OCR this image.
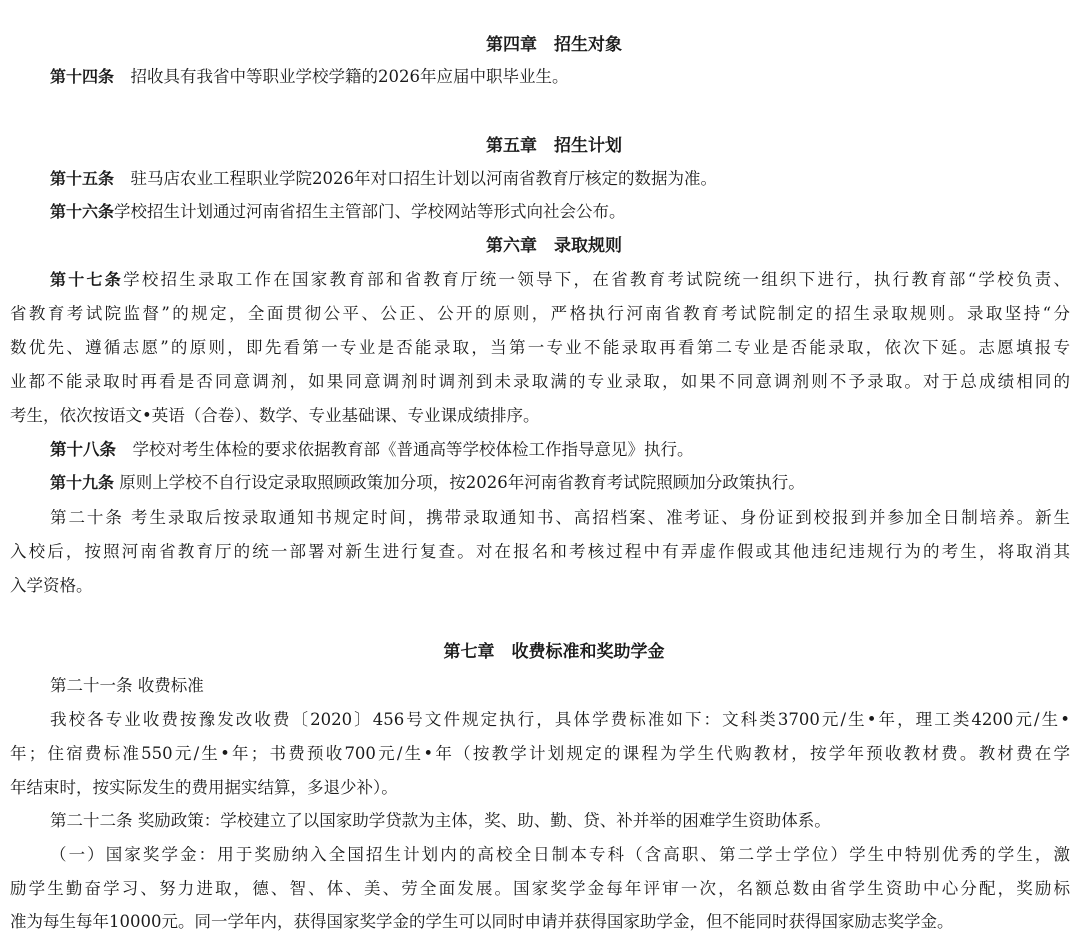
第四章　招生对象
第十四条　招收具有我省中等职业学校学籍的2026年应届中职毕业生。
第五章　招生计划
第十五条　驻马店农业工程职业学院2026年对口招生计划以河南省教育厅核定的数据为准。
第十六条学校招生计划通过河南省招生主管部门、学校网站等形式向社会公布。
第六章　录取规则
第十七条学校招生录取工作在国家教育部和省教育厅统一领导下，在省教育考试院统一组织下进行，执行教育部“学校负责、
省教育考试院监督”的规定，全面贯彻公平、公正、公开的原则，严格执行河南省教育考试院制定的招生录取规则。录取坚持“分
数优先、遵循志愿”的原则，即先看第一专业是否能录取，当第一专业不能录取再看第二专业是否能录取，依次下延。志愿填报专
业都不能录取时再看是否同意调剂，如果同意调剂时调剂到未录取满的专业录取，如果不同意调剂则不予录取。对于总成绩相同的
考生，依次按语文•英语（合卷）、数学、专业基础课、专业课成绩排序。
第十八条　 学校对考生体检的要求依据教育部《普通高等学校体检工作指导意见》执行。
第十九条 原则上学校不自行设定录取照顾政策加分项，按2026年河南省教育考试院照顾加分政策执行。
第二十条 考生录取后按录取通知书规定时间，携带录取通知书、高招档案、准考证、身份证到校报到并参加全日制培养。新生
入校后，按照河南省教育厅的统一部署对新生进行复查。对在报名和考核过程中有弄虚作假或其他违纪违规行为的考生，将取消其
入学资格。
第七章　收费标准和奖助学金
第二十一条 收费标准
我校各专业收费按豫发改收费〔2020〕456号文件规定执行，具体学费标准如下：文科类3700元/生•年，理工类4200元/生•
年；住宿费标准550元/生•年；书费预收700元/生•年（按教学计划规定的课程为学生代购教材，按学年预收教材费。教材费在学
年结束时，按实际发生的费用据实结算，多退少补）。
第二十二条 奖励政策：学校建立了以国家助学贷款为主体，奖、助、勤、贷、补并举的困难学生资助体系。
（一）国家奖学金：用于奖励纳入全国招生计划内的高校全日制本专科（含高职、第二学士学位）学生中特别优秀的学生，激
励学生勤奋学习、努力进取，德、智、体、美、劳全面发展。国家奖学金每年评审一次，名额总数由省学生资助中心分配，奖励标
准为每生每年10000元。同一学年内，获得国家奖学金的学生可以同时申请并获得国家助学金，但不能同时获得国家励志奖学金。
